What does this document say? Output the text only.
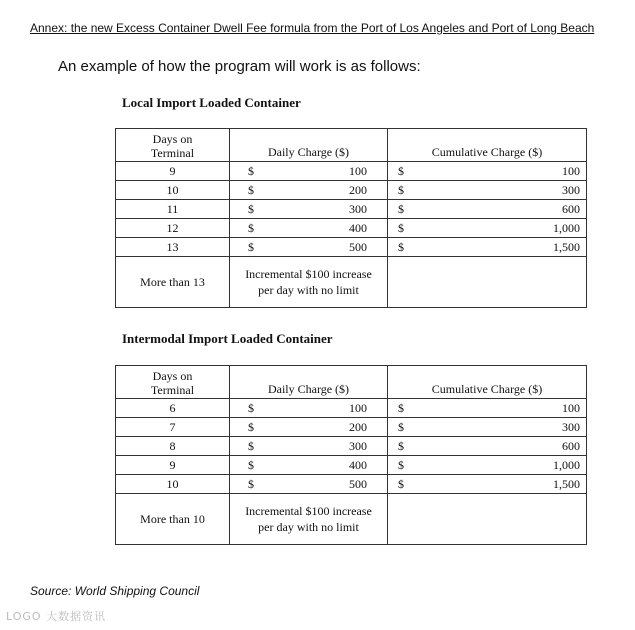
Annex: the new Excess Container Dwell Fee formula from the Port of Los Angeles and Port of Long Beach
An example of how the program will work is as follows:
Local Import Loaded Container
Days on
Terminal	Daily Charge ($)	Cumulative Charge ($)
9	$ 100	$ 100

10	$ 200	$ 300

11	$ 300	$ 600

12	$ 400	$ 1,000

13	$ 500	$ 1,500

More than 13	Incremental $100 increase
per day with no limit	
Intermodal Import Loaded Container
Days on
Terminal	Daily Charge ($)	Cumulative Charge ($)
6	$ 100	$ 100

7	$ 200	$ 300

8	$ 300	$ 600

9	$ 400	$ 1,000

10	$ 500	$ 1,500

More than 10	Incremental $100 increase
per day with no limit	
Source: World Shipping Council
LOGO 大数据资讯
